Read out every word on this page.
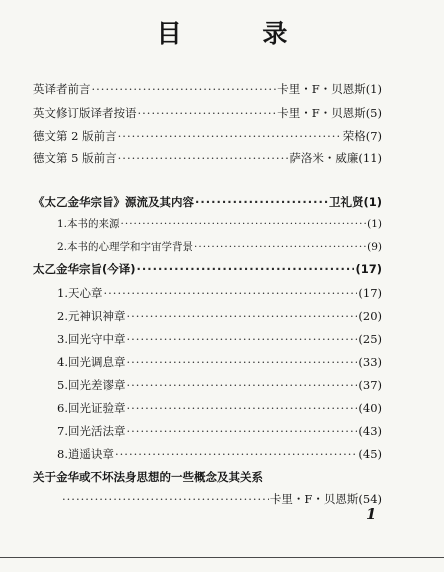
目 录
英译者前言 ·····	卡里・F・贝恩斯(1)
英文修订版译者按语 ·····	卡里・F・贝恩斯(5)
德文第 2 版前言 ·····	荣格(7)
德文第 5 版前言 ·····	萨洛米・威廉(11)
《太乙金华宗旨》源流及其内容 ·····	卫礼贤(1)
1.本书的来源 ·····	(1)
2.本书的心理学和宇宙学背景 ·····	(9)
太乙金华宗旨(今译) ·····	(17)
1.天心章 ·····	(17)
2.元神识神章 ·····	(20)
3.回光守中章 ·····	(25)
4.回光调息章 ·····	(33)
5.回光差谬章 ·····	(37)
6.回光证验章 ·····	(40)
7.回光活法章 ·····	(43)
8.逍遥诀章 ·····	(45)
关于金华或不坏法身思想的一些概念及其关系
·····
卡里・F・贝恩斯(54)
1
